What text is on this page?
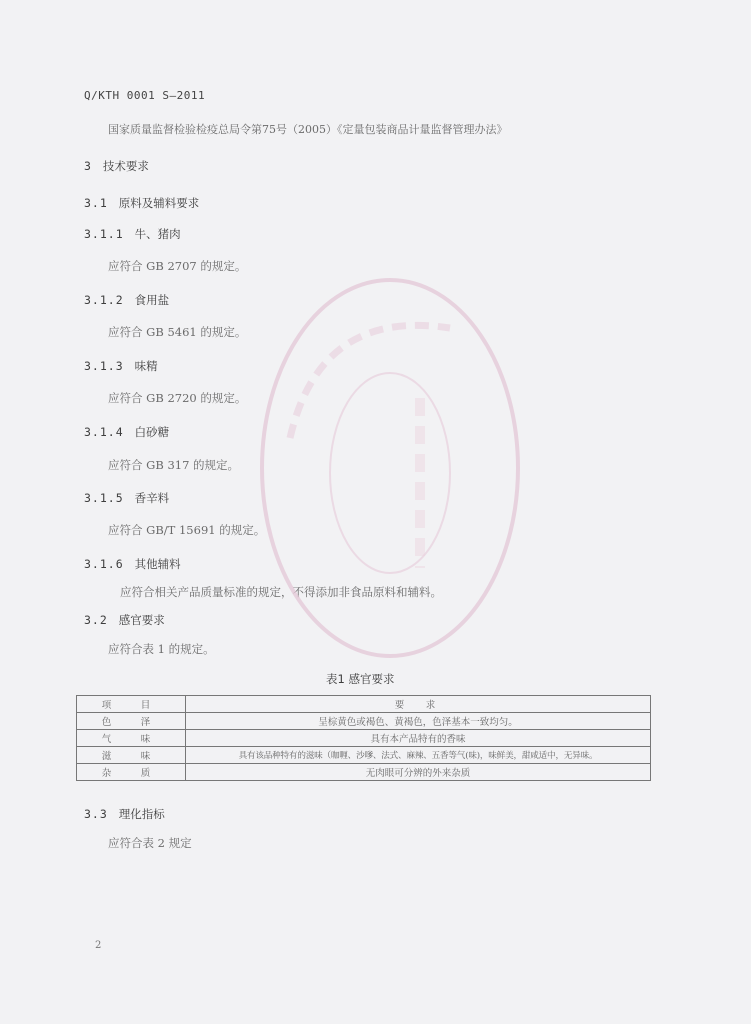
Q/KTH 0001 S—2011
国家质量监督检验检疫总局令第75号（2005）《定量包装商品计量监督管理办法》
3 技术要求
3.1 原料及辅料要求
3.1.1 牛、猪肉
应符合 GB 2707 的规定。
3.1.2 食用盐
应符合 GB 5461 的规定。
3.1.3 味精
应符合 GB 2720 的规定。
3.1.4 白砂糖
应符合 GB 317 的规定。
3.1.5 香辛料
应符合 GB/T 15691 的规定。
3.1.6 其他辅料
应符合相关产品质量标准的规定，不得添加非食品原料和辅料。
3.2 感官要求
应符合表 1 的规定。
表1 感官要求
项　目	要　求
色　泽	呈棕黄色或褐色、黄褐色，色泽基本一致均匀。
气　味	具有本产品特有的香味
滋　味	具有该品种特有的滋味（咖喱、沙嗲、法式、麻辣、五香等气(味)，味鲜美，甜咸适中，无异味。
杂　质	无肉眼可分辨的外来杂质
3.3 理化指标
应符合表 2 规定
2
